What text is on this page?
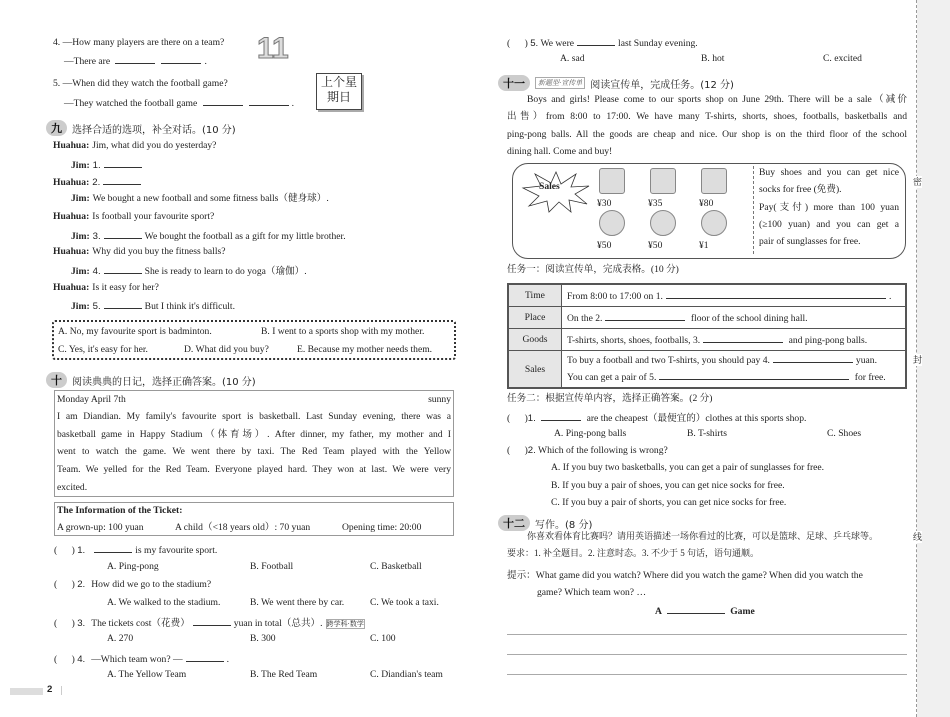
4. —How many players are there on a team?
—There are	. 11
5. —When did they watch the football game?
—They watched the football game	.
上个星期日
九	选择合适的选项，补全对话。(10 分)
Huahua: Jim, what did you do yesterday?
Jim: 1.
Huahua: 2.
Jim: We bought a new football and some fitness balls（健身球）.
Huahua: Is football your favourite sport?
Jim: 3.	We bought the football as a gift for my little brother.
Huahua: Why did you buy the fitness balls?
Jim: 4.	She is ready to learn to do yoga（瑜伽）.
Huahua: Is it easy for her?
Jim: 5.	But I think it's difficult.
A. No, my favourite sport is badminton.	B. I went to a sports shop with my mother.
C. Yes, it's easy for her.	D. What did you buy?	E. Because my mother needs them.
十	阅读典典的日记，选择正确答案。(10 分)
Monday April 7th	sunny
I am Diandian. My family's favourite sport is basketball. Last Sunday evening, there was a
basketball game in Happy Stadium（体育场）. After dinner, my father, my mother and I
went to watch the game. We went there by taxi. The Red Team played with the Yellow
Team. We yelled for the Red Team. Everyone played hard. They won at last. We were very
excited.
The Information of the Ticket:
A grown-up: 100 yuan	A child（<18 years old）: 70 yuan	Opening time: 20:00
(      ) 1.	is my favourite sport.
A. Ping-pong	B. Football	C. Basketball
(      ) 2. How did we go to the stadium?
A. We walked to the stadium.	B. We went there by car.	C. We took a taxi.
(      ) 3. The tickets cost（花费）	yuan in total（总共）. 跨学科·数学
A. 270	B. 300	C. 100
(      ) 4. —Which team won? —	.
A. The Yellow Team	B. The Red Team	C. Diandian's team
2
(      ) 5. We were	last Sunday evening.
A. sad	B. hot	C. excited
十一	新题型·宣传单 阅读宣传单，完成任务。(12 分)
Boys and girls! Please come to our sports shop on June 29th. There will be a sale（减价
出售）from 8:00 to 17:00. We have many T-shirts, shorts, shoes, footballs, basketballs and
ping-pong balls. All the goods are cheap and nice. Our shop is on the third floor of the school
dining hall. Come and buy!
Sales
¥30	¥35	¥80
¥50	¥50	¥1
Buy shoes and you can get nice
socks for free (免费).
Pay(支付) more than 100 yuan
(≥100 yuan) and you can get a
pair of sunglasses for free.
任务一：阅读宣传单，完成表格。(10 分)
Time	From 8:00 to 17:00 on 1. .
Place	On the 2. floor of the school dining hall.
Goods	T-shirts, shorts, shoes, footballs, 3. and ping-pong balls.
Sales	To buy a football and two T-shirts, you should pay 4. yuan.
You can get a pair of 5. for free.
任务二：根据宣传单内容，选择正确答案。(2 分)
(      )1.	are the cheapest（最便宜的）clothes at this sports shop.
A. Ping-pong balls	B. T-shirts	C. Shoes
(      )2. Which of the following is wrong?
A. If you buy two basketballs, you can get a pair of sunglasses for free.
B. If you buy a pair of shoes, you can get nice socks for free.
C. If you buy a pair of shorts, you can get nice socks for free.
十二	写作。(8 分)
你喜欢看体育比赛吗？请用英语描述一场你看过的比赛，可以是篮球、足球、乒乓球等。
要求：1. 补全题目。2. 注意时态。3. 不少于 5 句话，语句通顺。
提示：What game did you watch? Where did you watch the game? When did you watch the
game? Which team won? …
A	Game
密
封
线
